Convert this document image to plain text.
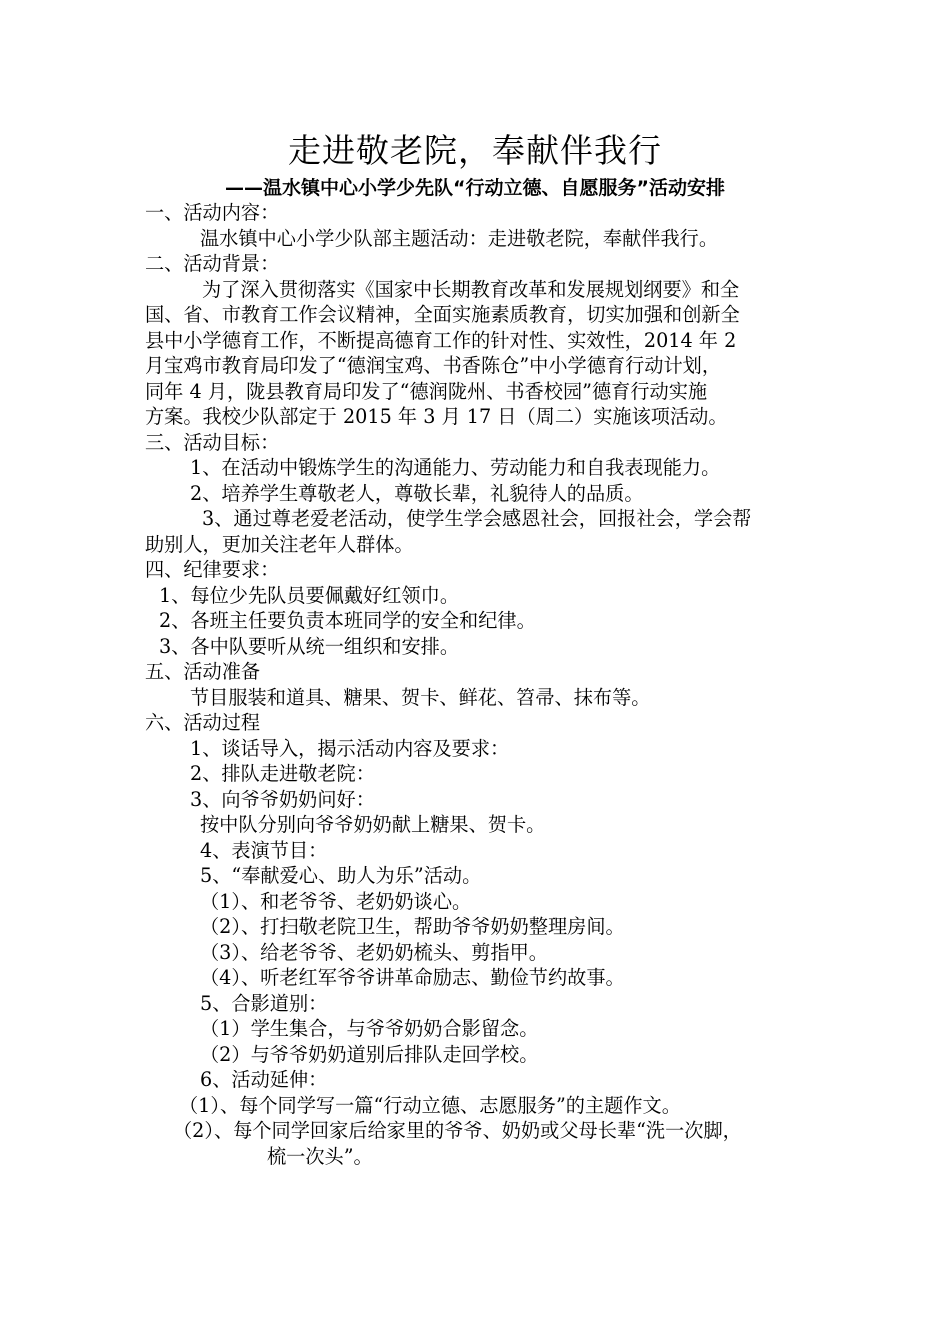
走进敬老院，奉献伴我行
——温水镇中心小学少先队“行动立德、自愿服务”活动安排
一、活动内容：
温水镇中心小学少队部主题活动：走进敬老院，奉献伴我行。
二、活动背景：
为了深入贯彻落实《国家中长期教育改革和发展规划纲要》和全
国、省、市教育工作会议精神，全面实施素质教育，切实加强和创新全
县中小学德育工作，不断提高德育工作的针对性、实效性，2014 年 2
月宝鸡市教育局印发了“德润宝鸡、书香陈仓”中小学德育行动计划，
同年 4 月，陇县教育局印发了“德润陇州、书香校园”德育行动实施
方案。我校少队部定于 2015 年 3 月 17 日（周二）实施该项活动。
三、活动目标：
1、在活动中锻炼学生的沟通能力、劳动能力和自我表现能力。
2、培养学生尊敬老人，尊敬长辈，礼貌待人的品质。
3、通过尊老爱老活动，使学生学会感恩社会，回报社会，学会帮
助别人，更加关注老年人群体。
四、纪律要求：
1、每位少先队员要佩戴好红领巾。
2、各班主任要负责本班同学的安全和纪律。
3、各中队要听从统一组织和安排。
五、活动准备
节目服装和道具、糖果、贺卡、鲜花、笤帚、抹布等。
六、活动过程
1、谈话导入，揭示活动内容及要求：
2、排队走进敬老院：
3、向爷爷奶奶问好：
按中队分别向爷爷奶奶献上糖果、贺卡。
4、表演节目：
5、“奉献爱心、助人为乐”活动。
（1）、和老爷爷、老奶奶谈心。
（2）、打扫敬老院卫生，帮助爷爷奶奶整理房间。
（3）、给老爷爷、老奶奶梳头、剪指甲。
（4）、听老红军爷爷讲革命励志、勤俭节约故事。
5、合影道别：
（1）学生集合，与爷爷奶奶合影留念。
（2）与爷爷奶奶道别后排队走回学校。
6、活动延伸：
（1）、每个同学写一篇“行动立德、志愿服务”的主题作文。
（2）、每个同学回家后给家里的爷爷、奶奶或父母长辈“洗一次脚，
梳一次头”。
